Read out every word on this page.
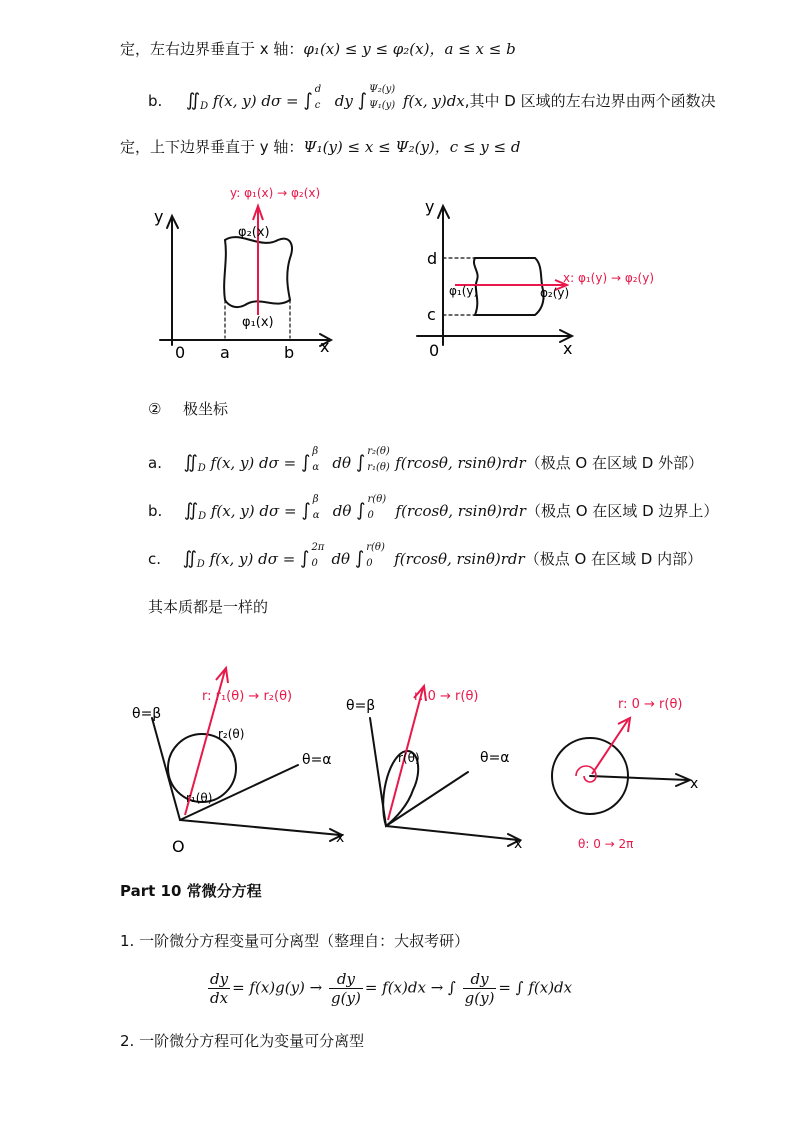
定，左右边界垂直于 x 轴：φ₁(x) ≤ y ≤ φ₂(x)，a ≤ x ≤ b
b. $∬_D$ f(x, y) dσ = ∫
d
c dy ∫
Ψ₂(y)
Ψ₁(y) f(x, y)dx,其中 D 区域的左右边界由两个函数决
定，上下边界垂直于 y 轴：Ψ₁(y) ≤ x ≤ Ψ₂(y)，c ≤ y ≤ d
y: φ₁(x) → φ₂(x)
φ₂(x)
φ₁(x)
y
x
0 a	b
x: φ₁(y) → φ₂(y)
φ₁(y)	φ₂(y)
y
x
0
d
c
② 极坐标
a. $∬_D$ f(x, y) dσ = ∫
β
α dθ ∫
r₂(θ)
r₁(θ) f(rcosθ, rsinθ)rdr（极点 O 在区域 D 外部）
b. $∬_D$ f(x, y) dσ = ∫
β
α dθ ∫
r(θ)
0 f(rcosθ, rsinθ)rdr（极点 O 在区域 D 边界上）
c. $∬_D$ f(x, y) dσ = ∫
2π
0 dθ ∫
r(θ)
0 f(rcosθ, rsinθ)rdr（极点 O 在区域 D 内部）
其本质都是一样的
r: r₁(θ) → r₂(θ)
θ=β
θ=α
r₂(θ)
r₁(θ)
O	x
r: 0 → r(θ)
θ=β
θ=α
r(θ)
x
r: 0 → r(θ)
θ: 0 → 2π
x
Part 10 常微分方程
1. 一阶微分方程变量可分离型（整理自：大叔考研）
$\frac{dy}{dx} = f(x)g(y) \to \frac{dy}{g(y)} = f(x)dx$ → ∫ $\frac{dy}{g(y)}$ = ∫ f(x)dx
2. 一阶微分方程可化为变量可分离型
